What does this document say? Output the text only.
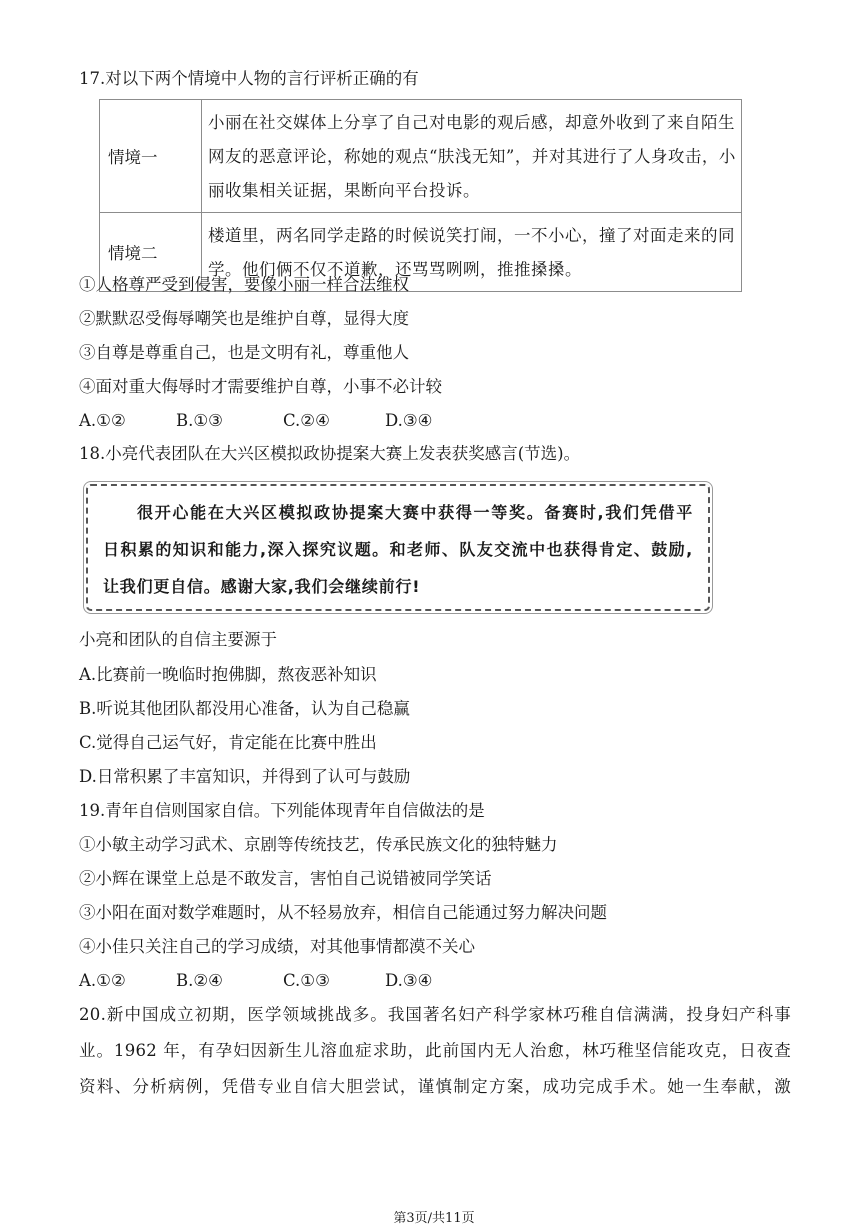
17.对以下两个情境中人物的言行评析正确的有
情境一	小丽在社交媒体上分享了自己对电影的观后感，却意外收到了来自陌生
网友的恶意评论，称她的观点“肤浅无知”，并对其进行了人身攻击，小
丽收集相关证据，果断向平台投诉。

情境二	楼道里，两名同学走路的时候说笑打闹，一不小心，撞了对面走来的同
学。他们俩不仅不道歉，还骂骂咧咧，推推搡搡。
①人格尊严受到侵害，要像小丽一样合法维权
②默默忍受侮辱嘲笑也是维护自尊，显得大度
③自尊是尊重自己，也是文明有礼，尊重他人
④面对重大侮辱时才需要维护自尊，小事不必计较
A.①②	B.①③	C.②④	D.③④
18.小亮代表团队在大兴区模拟政协提案大赛上发表获奖感言(节选)。
很开心能在大兴区模拟政协提案大赛中获得一等奖。备赛时,我们凭借平
日积累的知识和能力,深入探究议题。和老师、队友交流中也获得肯定、鼓励,
让我们更自信。感谢大家,我们会继续前行!
小亮和团队的自信主要源于
A.比赛前一晚临时抱佛脚，熬夜恶补知识
B.听说其他团队都没用心准备，认为自己稳赢
C.觉得自己运气好，肯定能在比赛中胜出
D.日常积累了丰富知识，并得到了认可与鼓励
19.青年自信则国家自信。下列能体现青年自信做法的是
①小敏主动学习武术、京剧等传统技艺，传承民族文化的独特魅力
②小辉在课堂上总是不敢发言，害怕自己说错被同学笑话
③小阳在面对数学难题时，从不轻易放弃，相信自己能通过努力解决问题
④小佳只关注自己的学习成绩，对其他事情都漠不关心
A.①②	B.②④	C.①③	D.③④
20.新中国成立初期，医学领域挑战多。我国著名妇产科学家林巧稚自信满满，投身妇产科事
业。1962 年，有孕妇因新生儿溶血症求助，此前国内无人治愈，林巧稚坚信能攻克，日夜查
资料、分析病例，凭借专业自信大胆尝试，谨慎制定方案，成功完成手术。她一生奉献，激
第3页/共11页
